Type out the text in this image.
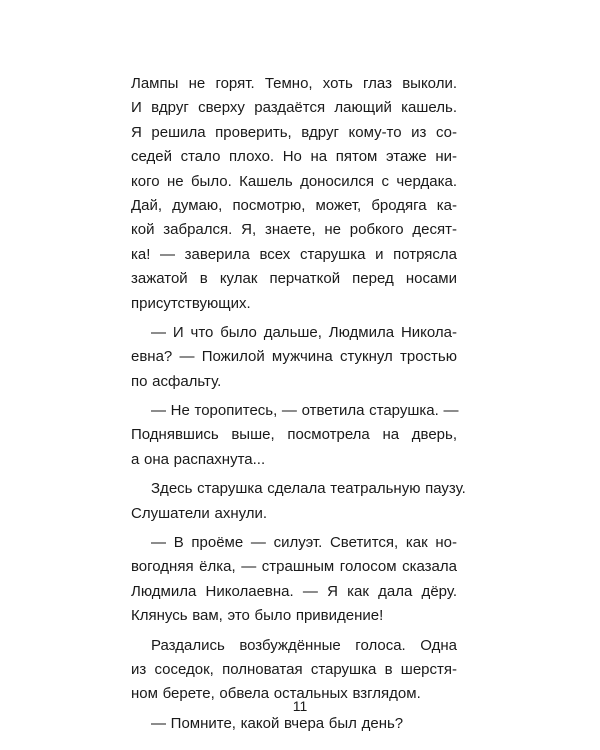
Лампы не горят. Темно, хоть глаз выколи.
И вдруг сверху раздаётся лающий кашель.
Я решила проверить, вдруг кому-то из со-
седей стало плохо. Но на пятом этаже ни-
кого не было. Кашель доносился с чердака.
Дай, думаю, посмотрю, может, бродяга ка-
кой забрался. Я, знаете, не робкого десят-
ка! — заверила всех старушка и потрясла
зажатой в кулак перчаткой перед носами
присутствующих.
— И что было дальше, Людмила Никола-
евна? — Пожилой мужчина стукнул тростью
по асфальту.
— Не торопитесь, — ответила старушка. —
Поднявшись выше, посмотрела на дверь,
а она распахнута...
Здесь старушка сделала театральную паузу.
Слушатели ахнули.
— В проёме — силуэт. Светится, как но-
вогодняя ёлка, — страшным голосом сказала
Людмила Николаевна. — Я как дала дёру.
Клянусь вам, это было привидение!
Раздались возбуждённые голоса. Одна
из соседок, полноватая старушка в шерстя-
ном берете, обвела остальных взглядом.
— Помните, какой вчера был день?
11
